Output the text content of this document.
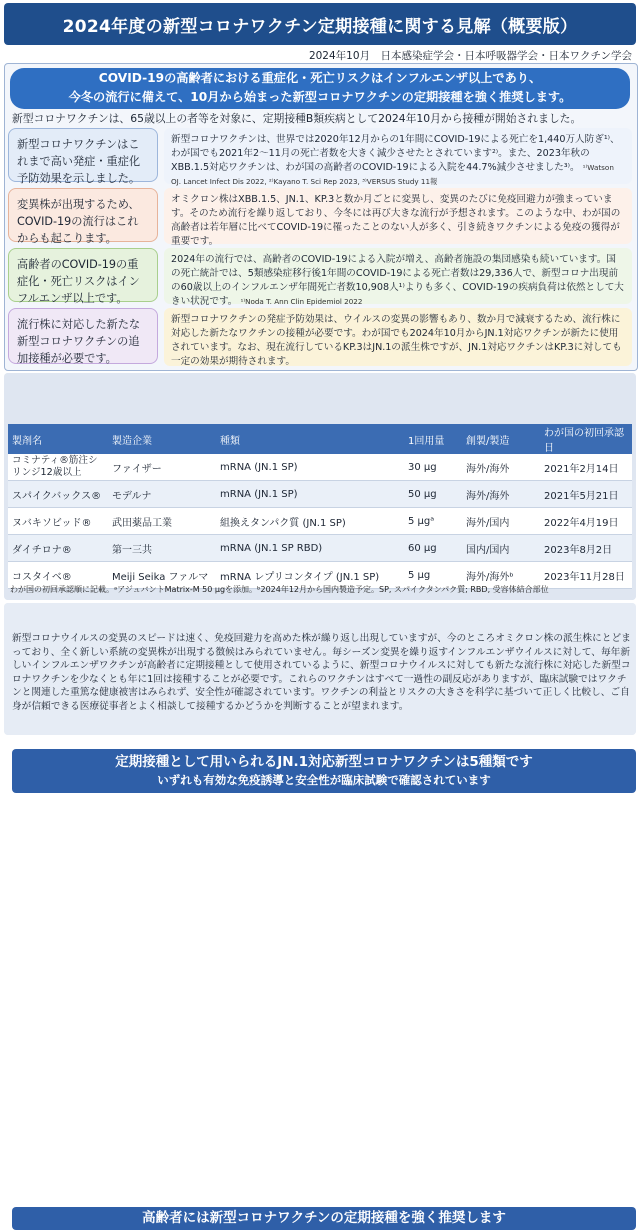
2024年度の新型コロナワクチン定期接種に関する見解（概要版）
2024年10月　日本感染症学会・日本呼吸器学会・日本ワクチン学会
COVID-19の高齢者における重症化・死亡リスクはインフルエンザ以上であり、
今冬の流行に備えて、10月から始まった新型コロナワクチンの定期接種を強く推奨します。
新型コロナワクチンは、65歳以上の者等を対象に、定期接種B類疾病として2024年10月から接種が開始されました。
新型コロナワクチンはこれまで高い発症・重症化予防効果を示しました。
新型コロナワクチンは、世界では2020年12月からの1年間にCOVID-19による死亡を1,440万人防ぎ¹⁾、わが国でも2021年2〜11月の死亡者数を大きく減少させたとされています²⁾。また、2023年秋のXBB.1.5対応ワクチンは、わが国の高齢者のCOVID-19による入院を44.7%減少させました³⁾。 ¹⁾Watson OJ. Lancet Infect Dis 2022, ²⁾Kayano T. Sci Rep 2023, ³⁾VERSUS Study 11報
変異株が出現するため、COVID-19の流行はこれからも起こります。
オミクロン株はXBB.1.5、JN.1、KP.3と数か月ごとに変異し、変異のたびに免疫回避力が強まっています。そのため流行を繰り返しており、今冬には再び大きな流行が予想されます。このような中、わが国の高齢者は若年層に比べてCOVID-19に罹ったことのない人が多く、引き続きワクチンによる免疫の獲得が重要です。
高齢者のCOVID-19の重症化・死亡リスクはインフルエンザ以上です。
2024年の流行では、高齢者のCOVID-19による入院が増え、高齢者施設の集団感染も続いています。国の死亡統計では、5類感染症移行後1年間のCOVID-19による死亡者数は29,336人で、新型コロナ出現前の60歳以上のインフルエンザ年間死亡者数10,908人¹⁾よりも多く、COVID-19の疾病負荷は依然として大きい状況です。 ¹⁾Noda T. Ann Clin Epidemiol 2022
流行株に対応した新たな新型コロナワクチンの追加接種が必要です。
新型コロナワクチンの発症予防効果は、ウイルスの変異の影響もあり、数か月で減衰するため、流行株に対応した新たなワクチンの接種が必要です。わが国でも2024年10月からJN.1対応ワクチンが新たに使用されています。なお、現在流行しているKP.3はJN.1の派生株ですが、JN.1対応ワクチンはKP.3に対しても一定の効果が期待されます。
定期接種として用いられるJN.1対応新型コロナワクチンは5種類です
いずれも有効な免疫誘導と安全性が臨床試験で確認されています
製剤名	製造企業	種類	1回用量	創製/製造	わが国の初回承認日
コミナティ®筋注シリンジ12歳以上	ファイザー	mRNA (JN.1 SP)	30 μg	海外/海外	2021年2月14日
スパイクバックス®	モデルナ	mRNA (JN.1 SP)	50 μg	海外/海外	2021年5月21日
ヌバキソビッド®	武田薬品工業	組換えタンパク質 (JN.1 SP)	5 μgᵃ	海外/国内	2022年4月19日
ダイチロナ®	第一三共	mRNA (JN.1 SP RBD)	60 μg	国内/国内	2023年8月2日
コスタイベ®	Meiji Seika ファルマ	mRNA レプリコンタイプ (JN.1 SP)	5 μg	海外/海外ᵇ	2023年11月28日
わが国の初回承認順に記載。ᵃアジュバントMatrix-M 50 μgを添加。ᵇ2024年12月から国内製造予定。SP, スパイクタンパク質; RBD, 受容体結合部位
高齢者には新型コロナワクチンの定期接種を強く推奨します
新型コロナウイルスの変異のスピードは速く、免疫回避力を高めた株が繰り返し出現していますが、今のところオミクロン株の派生株にとどまっており、全く新しい系統の変異株が出現する徴候はみられていません。毎シーズン変異を繰り返すインフルエンザウイルスに対して、毎年新しいインフルエンザワクチンが高齢者に定期接種として使用されているように、新型コロナウイルスに対しても新たな流行株に対応した新型コロナワクチンを少なくとも年に1回は接種することが必要です。これらのワクチンはすべて一過性の副反応がありますが、臨床試験ではワクチンと関連した重篤な健康被害はみられず、安全性が確認されています。ワクチンの利益とリスクの大きさを科学に基づいて正しく比較し、ご自身が信頼できる医療従事者とよく相談して接種するかどうかを判断することが望まれます。
